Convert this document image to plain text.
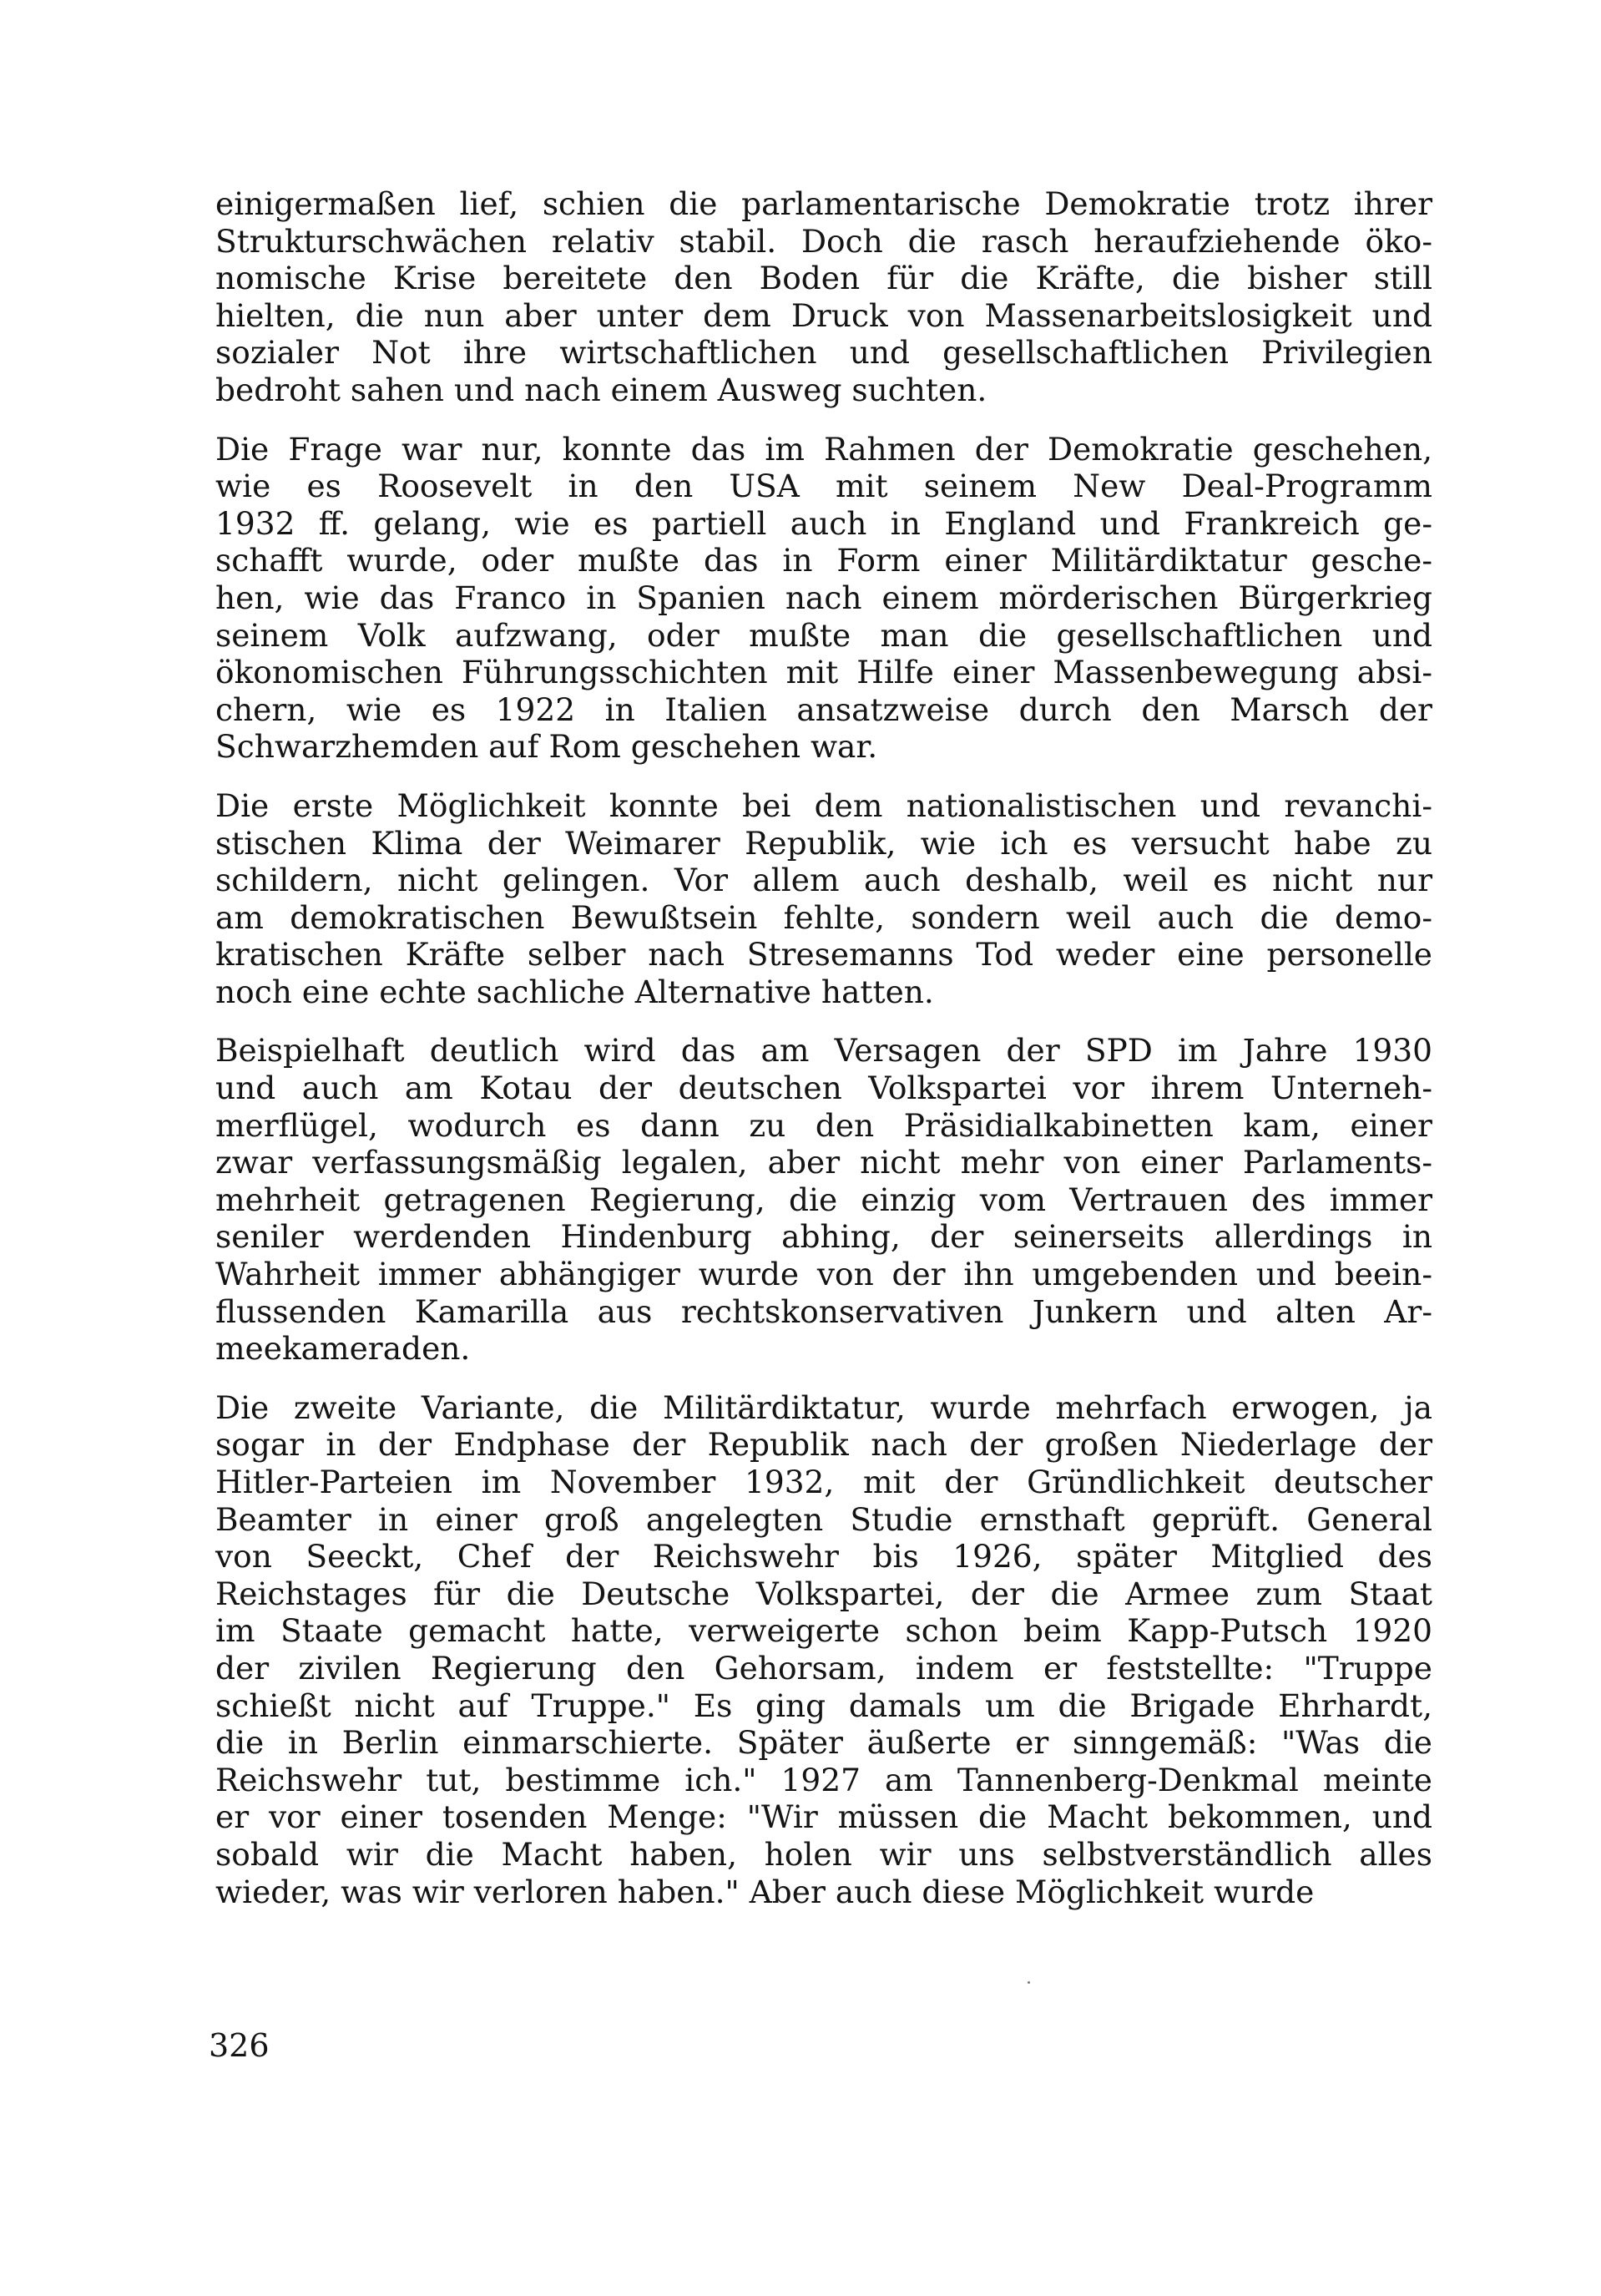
einigermaßen lief, schien die parlamentarische Demokratie trotz ihrer
Strukturschwächen relativ stabil. Doch die rasch heraufziehende öko-
nomische Krise bereitete den Boden für die Kräfte, die bisher still
hielten, die nun aber unter dem Druck von Massenarbeitslosigkeit und
sozialer Not ihre wirtschaftlichen und gesellschaftlichen Privilegien
bedroht sahen und nach einem Ausweg suchten.
Die Frage war nur, konnte das im Rahmen der Demokratie geschehen,
wie es Roosevelt in den USA mit seinem New Deal-Programm
1932 ff. gelang, wie es partiell auch in England und Frankreich ge-
schafft wurde, oder mußte das in Form einer Militärdiktatur gesche-
hen, wie das Franco in Spanien nach einem mörderischen Bürgerkrieg
seinem Volk aufzwang, oder mußte man die gesellschaftlichen und
ökonomischen Führungsschichten mit Hilfe einer Massenbewegung absi-
chern, wie es 1922 in Italien ansatzweise durch den Marsch der
Schwarzhemden auf Rom geschehen war.
Die erste Möglichkeit konnte bei dem nationalistischen und revanchi-
stischen Klima der Weimarer Republik, wie ich es versucht habe zu
schildern, nicht gelingen. Vor allem auch deshalb, weil es nicht nur
am demokratischen Bewußtsein fehlte, sondern weil auch die demo-
kratischen Kräfte selber nach Stresemanns Tod weder eine personelle
noch eine echte sachliche Alternative hatten.
Beispielhaft deutlich wird das am Versagen der SPD im Jahre 1930
und auch am Kotau der deutschen Volkspartei vor ihrem Unterneh-
merflügel, wodurch es dann zu den Präsidialkabinetten kam, einer
zwar verfassungsmäßig legalen, aber nicht mehr von einer Parlaments-
mehrheit getragenen Regierung, die einzig vom Vertrauen des immer
seniler werdenden Hindenburg abhing, der seinerseits allerdings in
Wahrheit immer abhängiger wurde von der ihn umgebenden und beein-
flussenden Kamarilla aus rechtskonservativen Junkern und alten Ar-
meekameraden.
Die zweite Variante, die Militärdiktatur, wurde mehrfach erwogen, ja
sogar in der Endphase der Republik nach der großen Niederlage der
Hitler-Parteien im November 1932, mit der Gründlichkeit deutscher
Beamter in einer groß angelegten Studie ernsthaft geprüft. General
von Seeckt, Chef der Reichswehr bis 1926, später Mitglied des
Reichstages für die Deutsche Volkspartei, der die Armee zum Staat
im Staate gemacht hatte, verweigerte schon beim Kapp-Putsch 1920
der zivilen Regierung den Gehorsam, indem er feststellte: "Truppe
schießt nicht auf Truppe." Es ging damals um die Brigade Ehrhardt,
die in Berlin einmarschierte. Später äußerte er sinngemäß: "Was die
Reichswehr tut, bestimme ich." 1927 am Tannenberg-Denkmal meinte
er vor einer tosenden Menge: "Wir müssen die Macht bekommen, und
sobald wir die Macht haben, holen wir uns selbstverständlich alles
wieder, was wir verloren haben." Aber auch diese Möglichkeit wurde
326
